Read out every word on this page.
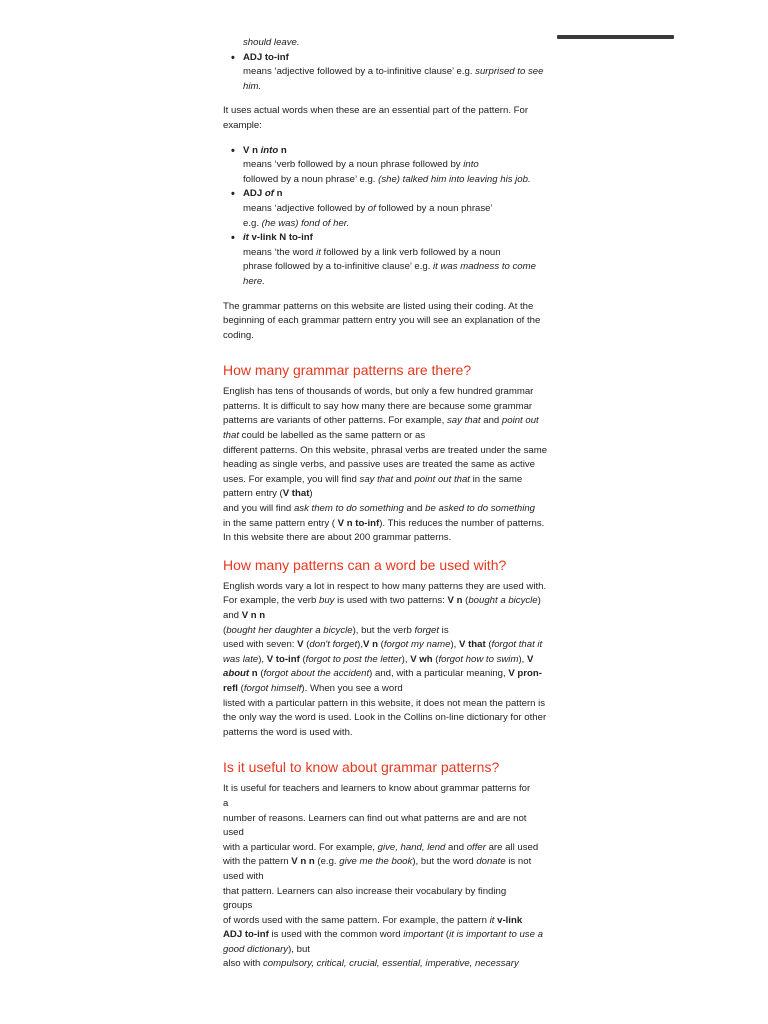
should leave.
• ADJ to-inf
means ‘adjective followed by a to-infinitive clause’ e.g. surprised to see him.

It uses actual words when these are an essential part of the pattern. For example:

• V n into n
means ‘verb followed by a noun phrase followed by into
followed by a noun phrase’ e.g. (she) talked him into leaving his job.
• ADJ of n
means ‘adjective followed by of followed by a noun phrase’
e.g. (he was) fond of her.
• it v-link N to-inf
means ‘the word it followed by a link verb followed by a noun
phrase followed by a to-infinitive clause’ e.g. it was madness to come here.

The grammar patterns on this website are listed using their coding. At the beginning of each grammar pattern entry you will see an explanation of the
coding.

How many grammar patterns are there?

English has tens of thousands of words, but only a few hundred grammar patterns. It is difficult to say how many there are because some grammar patterns are variants of other patterns. For example, say that and point out that could be labelled as the same pattern or as
different patterns. On this website, phrasal verbs are treated under the same heading as single verbs, and passive uses are treated the same as active uses. For example, you will find say that and point out that in the same pattern entry (V that)
and you will find ask them to do something and be asked to do something
in the same pattern entry ( V n to-inf). This reduces the number of patterns. In this website there are about 200 grammar patterns.

How many patterns can a word be used with?

English words vary a lot in respect to how many patterns they are used with. For example, the verb buy is used with two patterns: V n (bought a bicycle) and V n n
(bought her daughter a bicycle), but the verb forget is
used with seven: V (don't forget),V n (forgot my name), V that (forgot that it was late), V to-inf (forgot to post the letter), V wh (forgot how to swim), V about n (forgot about the accident) and, with a particular meaning, V pron-refl (forgot himself). When you see a word
listed with a particular pattern in this website, it does not mean the pattern is the only way the word is used. Look in the Collins on-line dictionary for other patterns the word is used with.

Is it useful to know about grammar patterns?

It is useful for teachers and learners to know about grammar patterns for
a
number of reasons. Learners can find out what patterns are and are not
used
with a particular word. For example, give, hand, lend and offer are all used
with the pattern V n n (e.g. give me the book), but the word donate is not
used with
that pattern. Learners can also increase their vocabulary by finding
groups
of words used with the same pattern. For example, the pattern it v-link
ADJ to-inf is used with the common word important (it is important to use a good dictionary), but
also with compulsory, critical, crucial, essential, imperative, necessary
